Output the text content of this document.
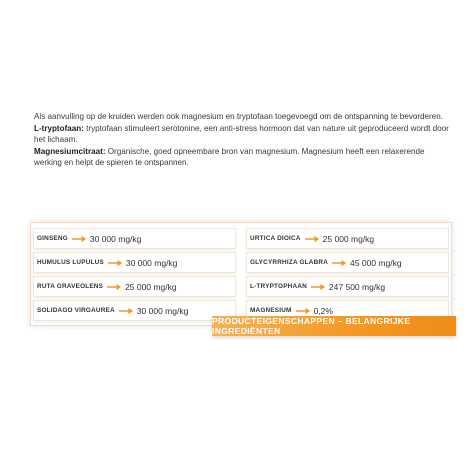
Als aanvulling op de kruiden werden ook magnesium en tryptofaan toegevoegd om de ontspanning te bevorderen.

L-tryptofaan: tryptofaan stimuleert serotonine, een anti-stress hormoon dat van nature uit geproduceerd wordt door het lichaam.

Magnesiumcitraat: Organische, goed opneembare bron van magnesium. Magnesium heeft een relaxerende werking en helpt de spieren te ontspannen.

GINSENG	30 000 mg/kg
HUMULUS LUPULUS	30 000 mg/kg
RUTA GRAVEOLENS	25 000 mg/kg
SOLIDAGO VIRGAUREA	30 000 mg/kg
URTICA DIOICA	25 000 mg/kg
GLYCYRRHIZA GLABRA	45 000 mg/kg
L-TRYPTOPHAAN	247 500 mg/kg
MAGNESIUM	0,2%
PRODUCTEIGENSCHAPPEN – BELANGRIJKE INGREDIËNTEN
